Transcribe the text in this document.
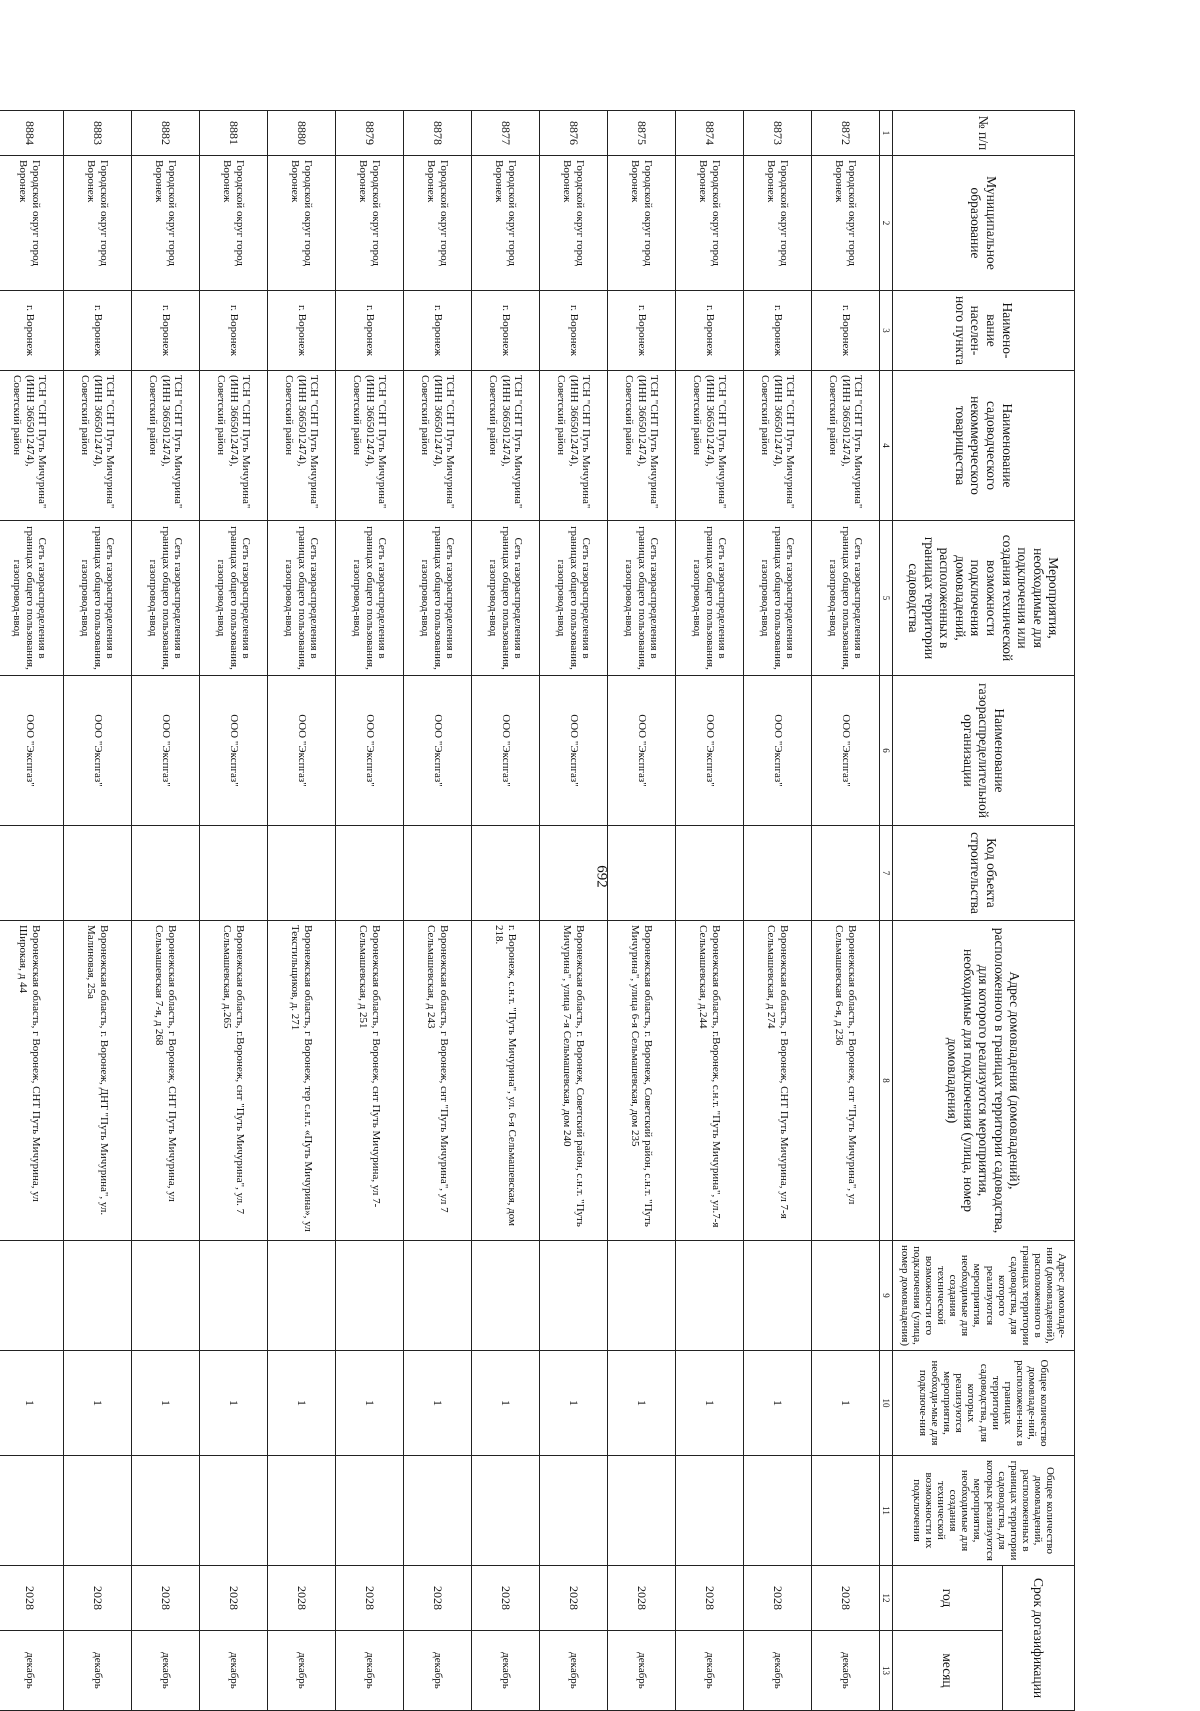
692
№ п/п	Муниципальное образование	Наимено-вание населен-ного пункта	Наименование садоводческого некоммерческого товарищества	Мероприятия, необходимые для подключения или создания технической возможности подключения домовладений, расположенных в границах территории садоводства	Наименование газораспределительной организации	Код объекта строительства	Адрес домовладения (домовладений), расположенного в границах территории садоводства, для которого реализуются мероприятия, необходимые для подключения (улица, номер домовладения)	Адрес домовладе-ния (домовладений), расположенного в границах территории садоводства, для которого реализуются мероприятия, необходимые для создания технической возможности его подключения (улица, номер домовладения)	Общее количество домовладе-ний, расположен-ных в границах территории садоводства, для которых реализуются мероприятия, необходи-мые для подключе-ния	Общее количество домовладений, расположенных в границах территории садоводства, для которых реализуются мероприятия, необходимые для создания технической возможности их подключения	Срок догазификации	
											год	месяц
1	2	3	4	5	6	7	8	9	10	11	12	13
8872	Городской округ город Воронеж	г. Воронеж	ТСН "СНТ Путь Мичурина" (ИНН 3665012474), Советский район	Сеть газораспределения в границах общего пользования, газопровод-ввод	ООО "Экспгаз"		Воронежская область, г Воронеж, снт "Путь Мичурина", ул Сельмашевская 6-я, д 236		1		2028	декабрь
8873	Городской округ город Воронеж	г. Воронеж	ТСН "СНТ Путь Мичурина" (ИНН 3665012474), Советский район	Сеть газораспределения в границах общего пользования, газопровод-ввод	ООО "Экспгаз"		Воронежская область, г Воронеж, СНТ Путь Мичурина, ул 7-я Сельмашевская, д 274		1		2028	декабрь
8874	Городской округ город Воронеж	г. Воронеж	ТСН "СНТ Путь Мичурина" (ИНН 3665012474), Советский район	Сеть газораспределения в границах общего пользования, газопровод-ввод	ООО "Экспгаз"		Воронежская область, г.Воронеж, с.н.т. "Путь Мичурина", ул.7-я Сельмашевская, д.244		1		2028	декабрь
8875	Городской округ город Воронеж	г. Воронеж	ТСН "СНТ Путь Мичурина" (ИНН 3665012474), Советский район	Сеть газораспределения в границах общего пользования, газопровод-ввод	ООО "Экспгаз"		Воронежская область, г. Воронеж, Советский район, с.н.т. "Путь Мичурина", улица 6-я Сельмашевская, дом 235		1		2028	декабрь
8876	Городской округ город Воронеж	г. Воронеж	ТСН "СНТ Путь Мичурина" (ИНН 3665012474), Советский район	Сеть газораспределения в границах общего пользования, газопровод-ввод	ООО "Экспгаз"		Воронежская область, г. Воронеж, Советский район, с.н.т. "Путь Мичурина", улица 7-я Сельмашевская, дом 240		1		2028	декабрь
8877	Городской округ город Воронеж	г. Воронеж	ТСН "СНТ Путь Мичурина" (ИНН 3665012474), Советский район	Сеть газораспределения в границах общего пользования, газопровод-ввод	ООО "Экспгаз"		г. Воронеж, с.н.т. "Путь Мичурина", ул. 6-я Сельмашевская, дом 218.		1		2028	декабрь
8878	Городской округ город Воронеж	г. Воронеж	ТСН "СНТ Путь Мичурина" (ИНН 3665012474), Советский район	Сеть газораспределения в границах общего пользования, газопровод-ввод	ООО "Экспгаз"		Воронежская область, г Воронеж, снт "Путь Мичурина", ул 7 Сельмашевская, д 243		1		2028	декабрь
8879	Городской округ город Воронеж	г. Воронеж	ТСН "СНТ Путь Мичурина" (ИНН 3665012474), Советский район	Сеть газораспределения в границах общего пользования, газопровод-ввод	ООО "Экспгаз"		Воронежская область, г Воронеж, снт Путь Мичурина, ул 7-Сельмашевская, д 251		1		2028	декабрь
8880	Городской округ город Воронеж	г. Воронеж	ТСН "СНТ Путь Мичурина" (ИНН 3665012474), Советский район	Сеть газораспределения в границах общего пользования, газопровод-ввод	ООО "Экспгаз"		Воронежская область, г Воронеж, тер с.н.т. «Путь Мичурина», ул Текстильщиков, д. 271		1		2028	декабрь
8881	Городской округ город Воронеж	г. Воронеж	ТСН "СНТ Путь Мичурина" (ИНН 3665012474), Советский район	Сеть газораспределения в границах общего пользования, газопровод-ввод	ООО "Экспгаз"		Воронежская область, г.Воронеж, снт "Путь Мичурина", ул. 7 Сельмашевская, д.265		1		2028	декабрь
8882	Городской округ город Воронеж	г. Воронеж	ТСН "СНТ Путь Мичурина" (ИНН 3665012474), Советский район	Сеть газораспределения в границах общего пользования, газопровод-ввод	ООО "Экспгаз"		Воронежская область, г Воронеж, СНТ Путь Мичурина, ул Сельмашевская 7-я, д 268		1		2028	декабрь
8883	Городской округ город Воронеж	г. Воронеж	ТСН "СНТ Путь Мичурина" (ИНН 3665012474), Советский район	Сеть газораспределения в границах общего пользования, газопровод-ввод	ООО "Экспгаз"		Воронежская область, г. Воронеж, ДНТ "Путь Мичурина", ул. Малиновая, 25а		1		2028	декабрь
8884	Городской округ город Воронеж	г. Воронеж	ТСН "СНТ Путь Мичурина" (ИНН 3665012474), Советский район	Сеть газораспределения в границах общего пользования, газопровод-ввод	ООО "Экспгаз"		Воронежская область, г Воронеж, СНТ Путь Мичурина, ул Широкая, д 44		1		2028	декабрь
